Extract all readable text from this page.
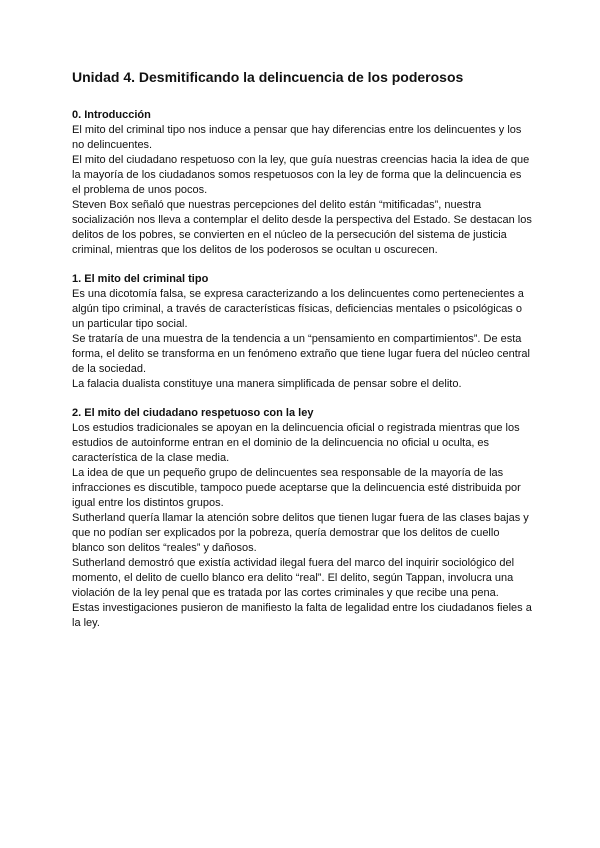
Unidad 4. Desmitificando la delincuencia de los poderosos

0. Introducción

El mito del criminal tipo nos induce a pensar que hay diferencias entre los delincuentes y los no delincuentes.

El mito del ciudadano respetuoso con la ley, que guía nuestras creencias hacia la idea de que la mayoría de los ciudadanos somos respetuosos con la ley de forma que la delincuencia es el problema de unos pocos.

Steven Box señaló que nuestras percepciones del delito están “mitificadas”, nuestra socialización nos lleva a contemplar el delito desde la perspectiva del Estado. Se destacan los delitos de los pobres, se convierten en el núcleo de la persecución del sistema de justicia criminal, mientras que los delitos de los poderosos se ocultan u oscurecen.

1. El mito del criminal tipo

Es una dicotomía falsa, se expresa caracterizando a los delincuentes como pertenecientes a algún tipo criminal, a través de características físicas, deficiencias mentales o psicológicas o un particular tipo social.

Se trataría de una muestra de la tendencia a un “pensamiento en compartimientos”. De esta forma, el delito se transforma en un fenómeno extraño que tiene lugar fuera del núcleo central de la sociedad.

La falacia dualista constituye una manera simplificada de pensar sobre el delito.

2. El mito del ciudadano respetuoso con la ley

Los estudios tradicionales se apoyan en la delincuencia oficial o registrada mientras que los estudios de autoinforme entran en el dominio de la delincuencia no oficial u oculta, es característica de la clase media.

La idea de que un pequeño grupo de delincuentes sea responsable de la mayoría de las infracciones es discutible, tampoco puede aceptarse que la delincuencia esté distribuida por igual entre los distintos grupos.

Sutherland quería llamar la atención sobre delitos que tienen lugar fuera de las clases bajas y que no podían ser explicados por la pobreza, quería demostrar que los delitos de cuello blanco son delitos “reales” y dañosos.

Sutherland demostró que existía actividad ilegal fuera del marco del inquirir sociológico del momento, el delito de cuello blanco era delito “real”. El delito, según Tappan, involucra una violación de la ley penal que es tratada por las cortes criminales y que recibe una pena.

Estas investigaciones pusieron de manifiesto la falta de legalidad entre los ciudadanos fieles a la ley.
